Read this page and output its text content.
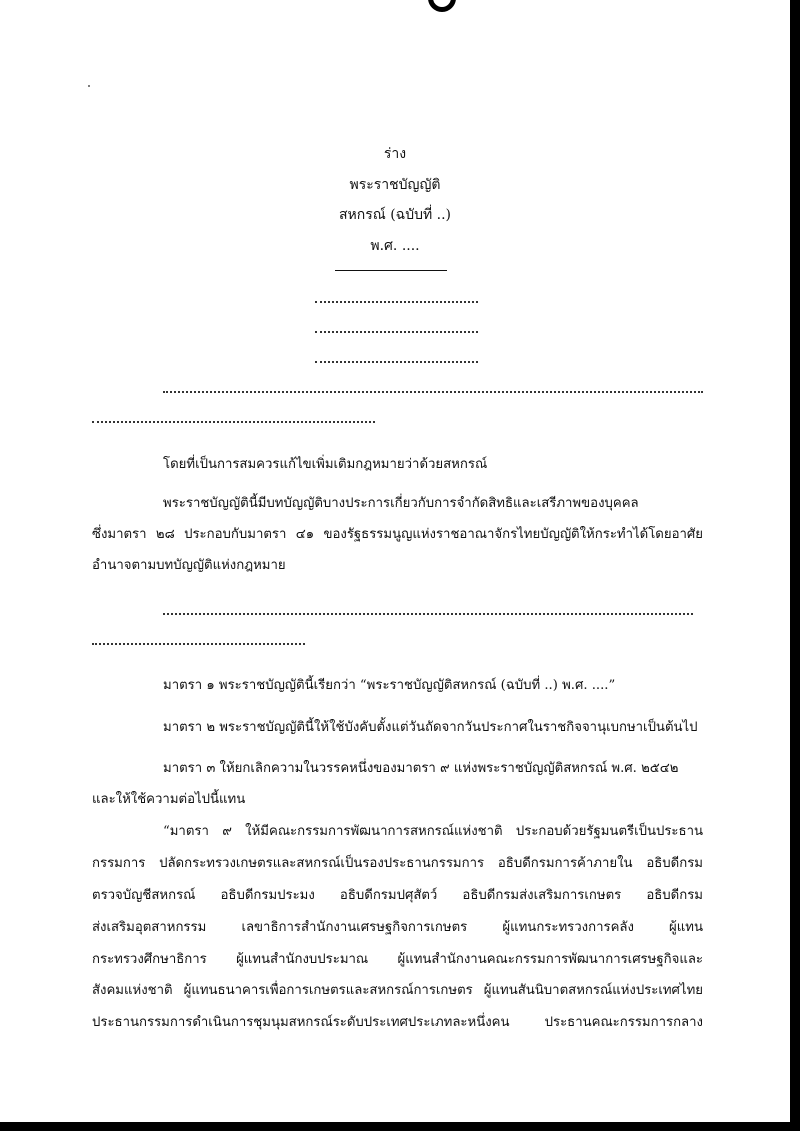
ร่าง
พระราชบัญญัติ
สหกรณ์ (ฉบับที่ ..)
พ.ศ. ....
โดยที่เป็นการสมควรแก้ไขเพิ่มเติมกฎหมายว่าด้วยสหกรณ์
พระราชบัญญัตินี้มีบทบัญญัติบางประการเกี่ยวกับการจำกัดสิทธิและเสรีภาพของบุคคล
ซึ่งมาตรา ๒๘ ประกอบกับมาตรา ๔๑ ของรัฐธรรมนูญแห่งราชอาณาจักรไทยบัญญัติให้กระทำได้โดยอาศัย
อำนาจตามบทบัญญัติแห่งกฎหมาย
มาตรา ๑ พระราชบัญญัตินี้เรียกว่า “พระราชบัญญัติสหกรณ์ (ฉบับที่ ..) พ.ศ. ....”
มาตรา ๒ พระราชบัญญัตินี้ให้ใช้บังคับตั้งแต่วันถัดจากวันประกาศในราชกิจจานุเบกษาเป็นต้นไป
มาตรา ๓ ให้ยกเลิกความในวรรคหนึ่งของมาตรา ๙ แห่งพระราชบัญญัติสหกรณ์ พ.ศ. ๒๕๔๒
และให้ใช้ความต่อไปนี้แทน
“มาตรา ๙ ให้มีคณะกรรมการพัฒนาการสหกรณ์แห่งชาติ ประกอบด้วยรัฐมนตรีเป็นประธาน
กรรมการ ปลัดกระทรวงเกษตรและสหกรณ์เป็นรองประธานกรรมการ อธิบดีกรมการค้าภายใน อธิบดีกรม
ตรวจบัญชีสหกรณ์ อธิบดีกรมประมง อธิบดีกรมปศุสัตว์ อธิบดีกรมส่งเสริมการเกษตร อธิบดีกรม
ส่งเสริมอุตสาหกรรม เลขาธิการสำนักงานเศรษฐกิจการเกษตร ผู้แทนกระทรวงการคลัง ผู้แทน
กระทรวงศึกษาธิการ ผู้แทนสำนักงบประมาณ ผู้แทนสำนักงานคณะกรรมการพัฒนาการเศรษฐกิจและ
สังคมแห่งชาติ ผู้แทนธนาคารเพื่อการเกษตรและสหกรณ์การเกษตร ผู้แทนสันนิบาตสหกรณ์แห่งประเทศไทย
ประธานกรรมการดำเนินการชุมนุมสหกรณ์ระดับประเทศประเภทละหนึ่งคน ประธานคณะกรรมการกลาง
